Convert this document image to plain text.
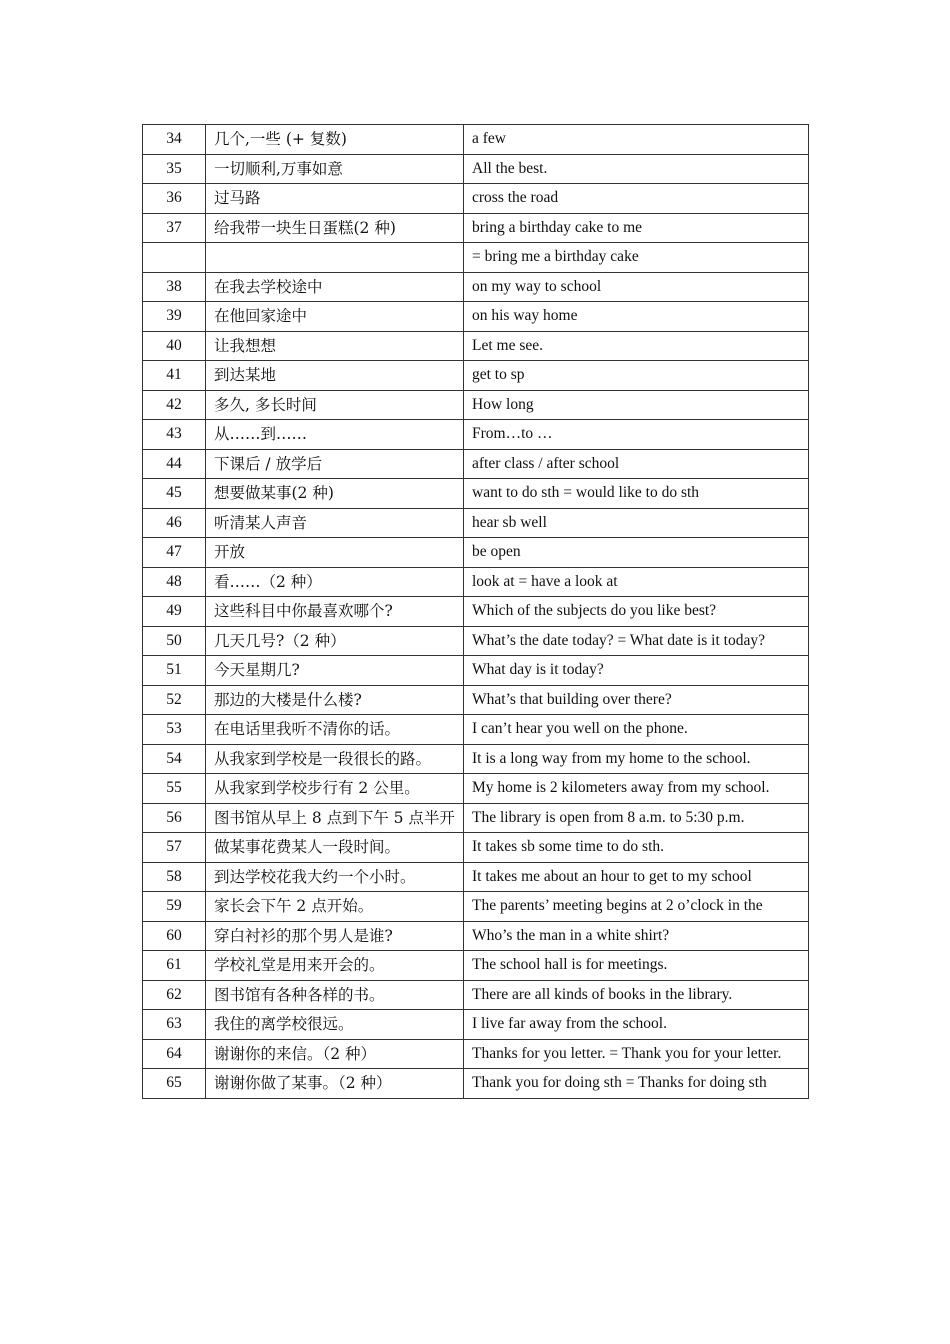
34	几个,一些 (+ 复数)	a few
35	一切顺利,万事如意	All the best.
36	过马路	cross the road
37	给我带一块生日蛋糕(2 种)	bring a birthday cake to me
		= bring me a birthday cake
38	在我去学校途中	on my way to school
39	在他回家途中	on his way home
40	让我想想	Let me see.
41	到达某地	get to sp
42	多久, 多长时间	How long
43	从……到……	From…to …
44	下课后 / 放学后	after class / after school
45	想要做某事(2 种)	want to do sth = would like to do sth
46	听清某人声音	hear sb well
47	开放	be open
48	看……（2 种）	look at = have a look at
49	这些科目中你最喜欢哪个?	Which of the subjects do you like best?
50	几天几号?（2 种）	What’s the date today? = What date is it today?
51	今天星期几?	What day is it today?
52	那边的大楼是什么楼?	What’s that building over there?
53	在电话里我听不清你的话。	I can’t hear you well on the phone.
54	从我家到学校是一段很长的路。	It is a long way from my home to the school.
55	从我家到学校步行有 2 公里。	My home is 2 kilometers away from my school.
56	图书馆从早上 8 点到下午 5 点半开	The library is open from 8 a.m. to 5:30 p.m.
57	做某事花费某人一段时间。	It takes sb some time to do sth.
58	到达学校花我大约一个小时。	It takes me about an hour to get to my school
59	家长会下午 2 点开始。	The parents’ meeting begins at 2 o’clock in the
60	穿白衬衫的那个男人是谁?	Who’s the man in a white shirt?
61	学校礼堂是用来开会的。	The school hall is for meetings.
62	图书馆有各种各样的书。	There are all kinds of books in the library.
63	我住的离学校很远。	I live far away from the school.
64	谢谢你的来信。（2 种）	Thanks for you letter. = Thank you for your letter.
65	谢谢你做了某事。（2 种）	Thank you for doing sth = Thanks for doing sth
